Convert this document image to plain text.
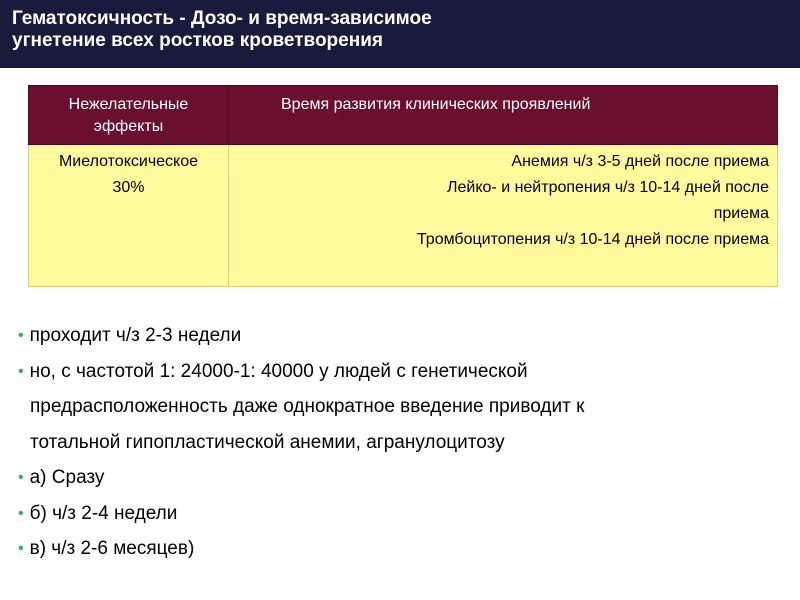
Гематоксичность - Дозо- и время-зависимое
угнетение всех ростков кроветворения
Нежелательные
эффекты	Время развития клинических проявлений

Миелотоксическое
30%	Анемия ч/з 3-5 дней после приема
Лейко- и нейтропения ч/з 10-14 дней после
приема
Тромбоцитопения ч/з 10-14 дней после приема
• проходит ч/з 2-3 недели
• но, с частотой 1: 24000-1: 40000 у людей с генетической
предрасположенность даже однократное введение приводит к
тотальной гипопластической анемии, агранулоцитозу
• а) Сразу
• б) ч/з 2-4 недели
• в) ч/з 2-6 месяцев)
